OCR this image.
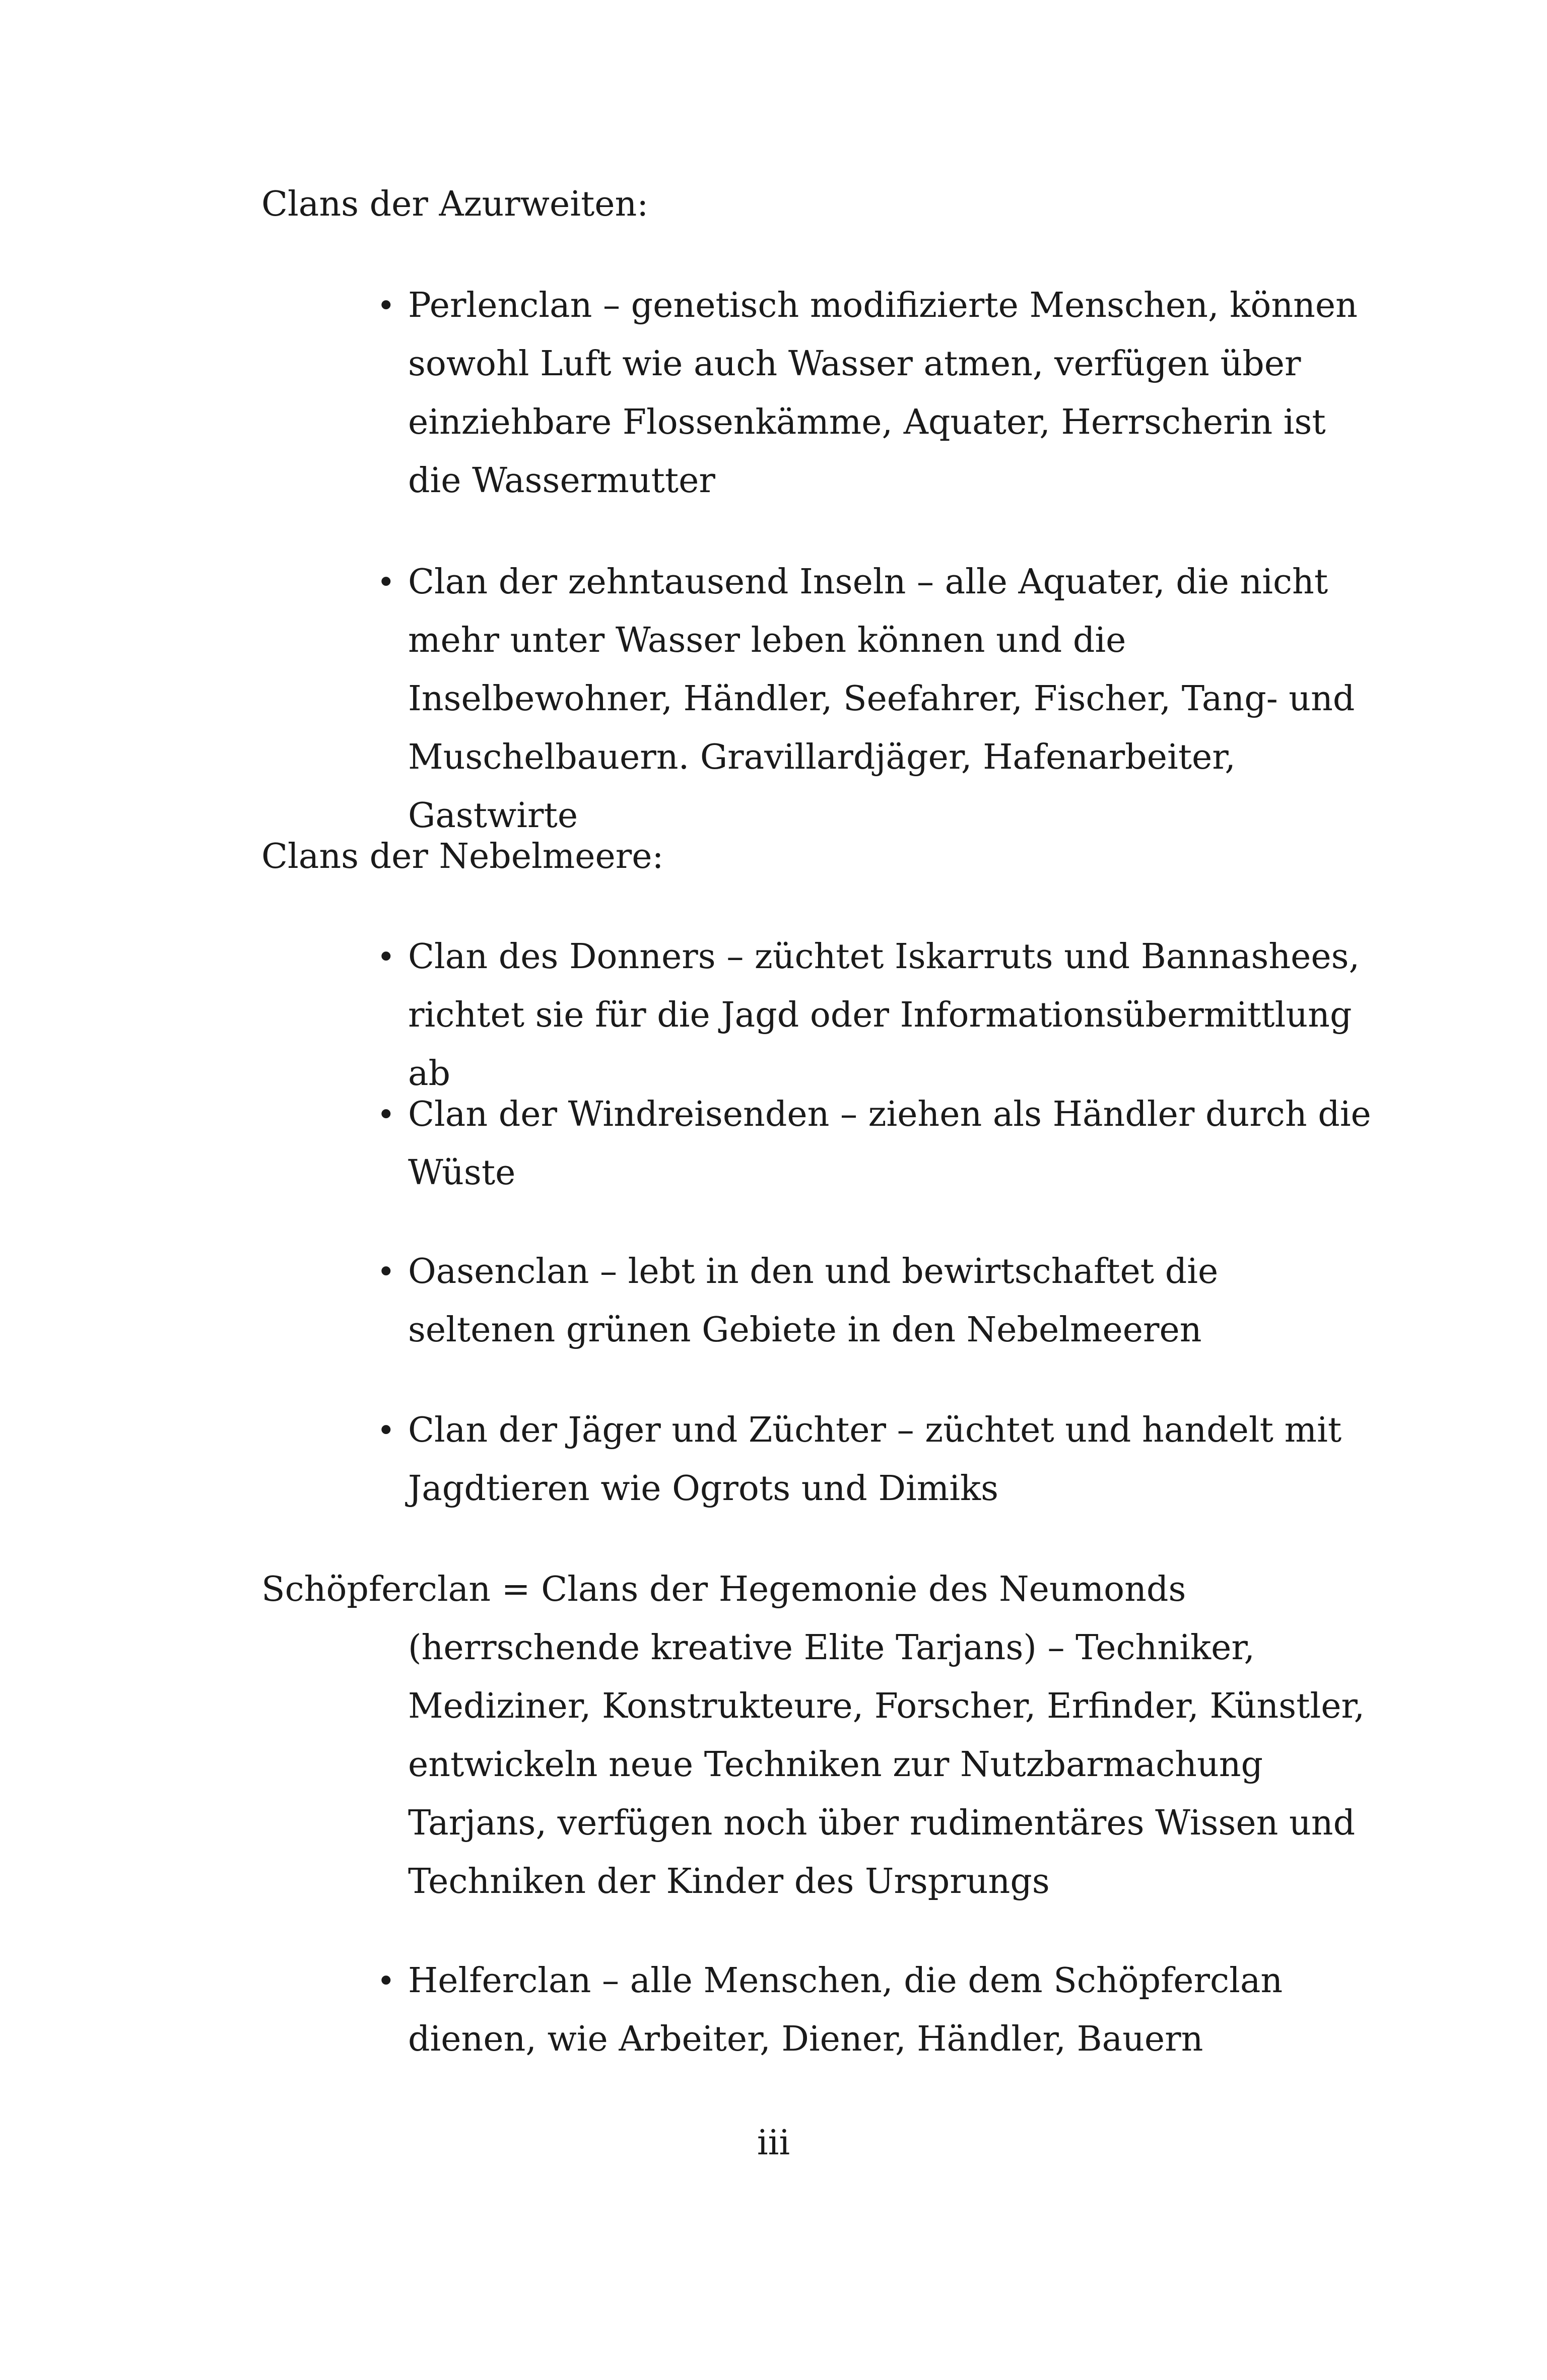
Clans der Azurweiten:
• Perlenclan – genetisch modifizierte Menschen, können sowohl Luft wie auch Wasser atmen, verfügen über einziehbare Flossenkämme, Aquater, Herrscherin ist die Wassermutter
• Clan der zehntausend Inseln – alle Aquater, die nicht mehr unter Wasser leben können und die Inselbewohner, Händler, Seefahrer, Fischer, Tang- und Muschelbauern. Gravillardjäger, Hafenarbeiter, Gastwirte
Clans der Nebelmeere:
• Clan des Donners – züchtet Iskarruts und Bannashees, richtet sie für die Jagd oder Informationsübermittlung ab
• Clan der Windreisenden – ziehen als Händler durch die Wüste
• Oasenclan – lebt in den und bewirtschaftet die seltenen grünen Gebiete in den Nebelmeeren
• Clan der Jäger und Züchter – züchtet und handelt mit Jagdtieren wie Ogrots und Dimiks
Schöpferclan = Clans der Hegemonie des Neumonds (herrschende kreative Elite Tarjans) – Techniker, Mediziner, Konstrukteure, Forscher, Erfinder, Künstler, entwickeln neue Techniken zur Nutzbarmachung Tarjans, verfügen noch über rudimentäres Wissen und Techniken der Kinder des Ursprungs
• Helferclan – alle Menschen, die dem Schöpferclan dienen, wie Arbeiter, Diener, Händler, Bauern
iii
